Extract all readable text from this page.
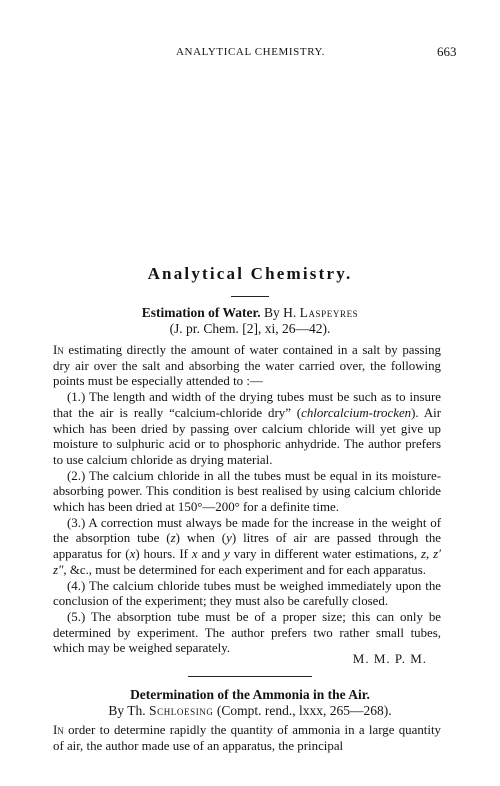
ANALYTICAL CHEMISTRY.	663
Analytical Chemistry.
Estimation of Water. By H. Laspeyres
(J. pr. Chem. [2], xi, 26—42).

In estimating directly the amount of water contained in a salt by passing dry air over the salt and absorbing the water carried over, the following points must be especially attended to :—

(1.) The length and width of the drying tubes must be such as to insure that the air is really “calcium-chloride dry” (chlorcalcium-trocken). Air which has been dried by passing over calcium chloride will yet give up moisture to sulphuric acid or to phosphoric anhydride. The author prefers to use calcium chloride as drying material.

(2.) The calcium chloride in all the tubes must be equal in its moisture-absorbing power. This condition is best realised by using calcium chloride which has been dried at 150°—200° for a definite time.

(3.) A correction must always be made for the increase in the weight of the absorption tube (z) when (y) litres of air are passed through the apparatus for (x) hours. If x and y vary in different water estimations, z, z′ z″, &c., must be determined for each experiment and for each apparatus.

(4.) The calcium chloride tubes must be weighed immediately upon the conclusion of the experiment; they must also be carefully closed.

(5.) The absorption tube must be of a proper size; this can only be determined by experiment. The author prefers two rather small tubes, which may be weighed separately.

M. M. P. M.
Determination of the Ammonia in the Air.
By Th. Schloesing (Compt. rend., lxxx, 265—268).

In order to determine rapidly the quantity of ammonia in a large quantity of air, the author made use of an apparatus, the principal
